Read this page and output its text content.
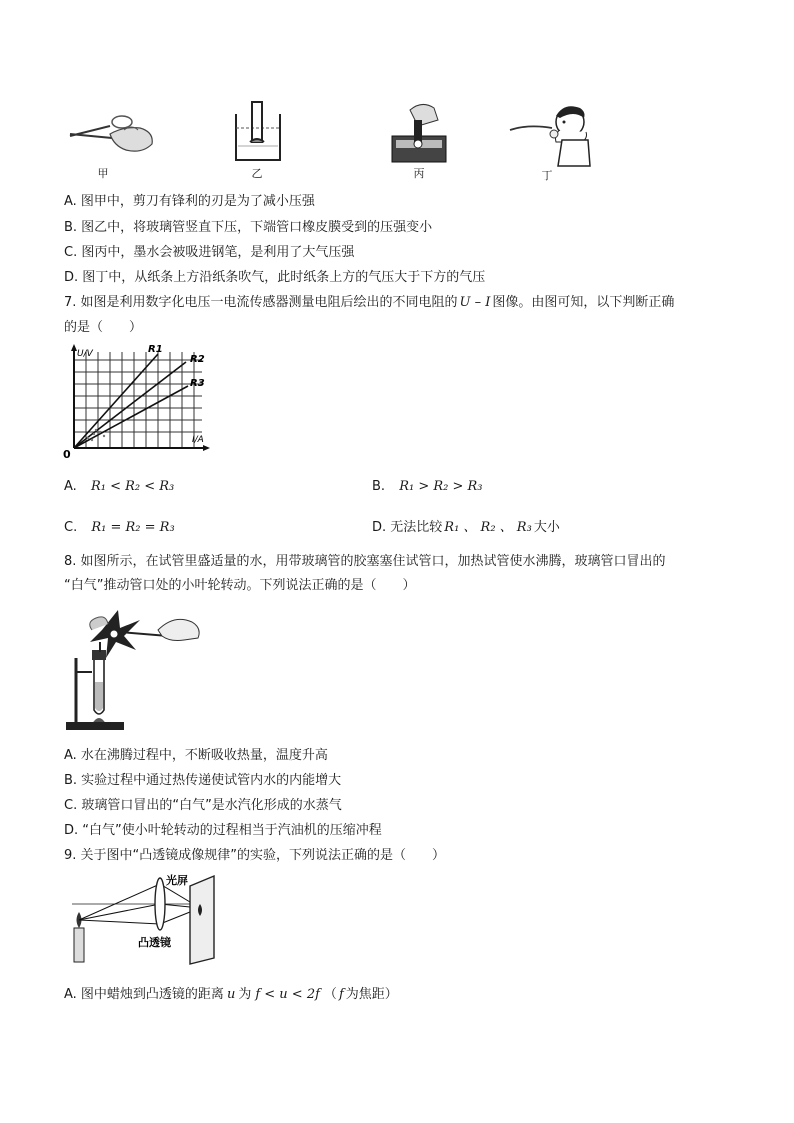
甲	乙	丙	丁
A. 图甲中，剪刀有锋利的刃是为了减小压强
B. 图乙中，将玻璃管竖直下压，下端管口橡皮膜受到的压强变小
C. 图丙中，墨水会被吸进钢笔，是利用了大气压强
D. 图丁中，从纸条上方沿纸条吹气，此时纸条上方的气压大于下方的气压
7. 如图是利用数字化电压一电流传感器测量电阻后绘出的不同电阻的 U – I 图像。由图可知，以下判断正确
的是（　　）
U/V
I/A
0
R1
R2
R3
A. R₁ < R₂ < R₃	B. R₁ > R₂ > R₃
C. R₁ = R₂ = R₃	D. 无法比较 R₁ 、 R₂ 、 R₃ 大小
8. 如图所示，在试管里盛适量的水，用带玻璃管的胶塞塞住试管口，加热试管使水沸腾，玻璃管口冒出的
“白气”推动管口处的小叶轮转动。下列说法正确的是（　　）
A. 水在沸腾过程中，不断吸收热量，温度升高
B. 实验过程中通过热传递使试管内水的内能增大
C. 玻璃管口冒出的“白气”是水汽化形成的水蒸气
D. “白气”使小叶轮转动的过程相当于汽油机的压缩冲程
9. 关于图中“凸透镜成像规律”的实验，下列说法正确的是（　　）
光屏
凸透镜
A. 图中蜡烛到凸透镜的距离 u 为 f < u < 2f （ f 为焦距）
